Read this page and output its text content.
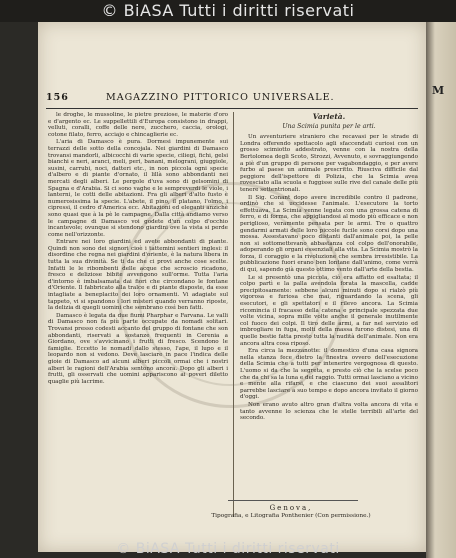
© BiASA Tutti i diritti riservati
156	MAGAZZINO PITTORICO UNIVERSALE.

le droghe, le mussoline, le pietre preziose, le materie d'oro e d'argento ec. Le suppellettili d'Europa consistono in drappi, velluti, coralli, coffe delle nere, zucchero, caccia, orologi, cotone filato, ferro, acciajo e chincaglierie ec.

L'aria di Damasco è pura. Dormesi impunemente sui terrazzi delle sotto della concojala. Nei giardini di Damasco trovansi mandorli, albicocchi di varie specie, ciliegi, fichi, gelsi bianchi e neri, aranci, meli, peri, banani, melograni, giuggiole, susini, carrubi, noci, datteri etc., in non piccola ogni specie d'albero e di piante d'ornato, il lillà sono abbondanti nei mercati degli alberi. Le pergole d'uva sono di gelsomini di Spagna e d'Arabia. Si ci sono vaghe e le sempreverdi le viole, i lanterni, le cotti delle abitazioni. Fra gli alberi d'alto fusto è numerosissima la specie. L'abete, il pino, il platano, l'olmo, i cipressi, il cedro d'America ecc. Abitazioni ed eleganti anzichè sono quasi que à la pè le campagne. Dalla città andiamo verso le campagne di Damasco voi godete d'un colpo d'occhio incantevole; ovunque si stendono giardini ove la vista si perde come nell'orizzonte.

Entrare nei loro giardini ed avete abbondanti di piante. Quindi non sono dei signori cioè i tattemini sentieri inglesi: il disordine che regna nei giardini d'oriente, è la natura libera in tutta la sua divinità. Se ti da che ci provi anche cose scelte. Infatti le le ribombenti delle acque che scroscio ricadono, fresco e deliziose bibite avvengono sull'orme. Tutta l'aria d'intorno è imbalsamata dai fiori che circondano le fontane d'Oriente. Il fabbricato alla tralce e di piante disposte, da esse intagliate a beneplacito dei loro ornamenti. Vi adagiate sul tappeto, vi si spandono i lori misteri quando verranno riposte, la delizia di quegli uomini che sembrano così ben fatti.

Damasco è legata da due fiumi Pharphar e Farvana. Le valli di Damasco non fa più parte occupate da nomadi solitari. Trovansi presso codesti accanto del gruppo di fontane che son abbondanti, riservati a sostanze frequenti in Cerenia a Giordano, ove s'avvicinano i frutti di fresco. Scendono le famiglie. Eccetto le nomadi dallo stesso, l'ape, il lupo e il leopardo non si vedono. Deve lasciare in pace l'indica delle gioie di Damasco ad alcuni alberi piccoli ormai che i nostri alberi le ragioni dell'Arabia sentono ancora. Dopo gli alberi i frutti, gli osservati che uomini appariscono ai poveri diletto quaglie più lacrime.

Varietà.
Una Scimia punita per le arti.

Un avventuriere straniero che recavasi per le strade di Londra offerendo spettacolo agli sfaccendati curiosi con un grosso scimiotto addestrato, venne con la nostra della Bertolomea degli Scoto, Strozzi, Avvenuto, e sovraggiungendo a piè d'un gruppo di persone per vagabondaggio, e per avere furbo al paese un animale prescritto. Riusciva difficile dal peggiore dell'ispettore di Polizia, che la Scimia avea rovesciato alla scuola e fuggisse sulle rive del canale delle più tenere settentrionali.

Il Sig. Conant dopo avere incredibile contro il padrone, ordinò che si uccidesse l'animale. L'esecutore la torto effettuava. La Scimia venne legata con una grossa catena di ferro, e di forma, che appigliandosi al modo più efficace e non periglioso, veramente pensata per le armi. Tre o quattro gendarmi armati delle loro piccole fucile sono corsi dopo una mossa. Assestavano poco distanti dall'animale poi, la pelle non si sottomettevano abbastanza col colpo dell'onorabile, adoperando gli organi essenziali alla vita. La Scimia mostrò la forza, il coraggio e la rivoluzione che sembra irresistibile. La pubblicazione fuori erano ben lontane dall'animo, come verrà di qui, sapendo già questo ottimo vento dall'arte della bestia.

Le si presentò una piccola, ciò era affatto ed esaltata; il colpo partì e la palla avendola forata la mascella, cadde precipitosamente: sebbene alcuni minuti dopo si rialzò più vigorosa e furiosa che mai, riguardando la scena, gli esecutori, e gli spettatori e il rilevo ancora. La Scimia ricomincia il fracasso della catena e principale spezzata due volte vicina, sopra mille volte anche il generale inutilmente col fuoco dei colpi. Il tiro delle armi, a far nel servizio ed imbrogliare in fuga, molti della massa furono distesi, una di quelle bestie fatta presto tutta la nudità dell'animale. Non era ancora altra cosa riposo.

Era circa la mezzanotte: il domestico d'una casa signora nella stanza fece dietro la finestra ovvero dell'esecuzione della Scimia che a tutti per intenerire vergognosa di questo. L'uomo si da che la segreta, e presto ciò che la scelse poco che da chi sa la luna e del raggio. Tutti ormai lasciano a vicino e mente alla rifarsi, e che ciascuno dei suoi assalitori parrebbe lasciare a suo tempo e dopo ancora invitato il giorno d'oggi.

Non erano avuto altro gran d'altra volta ancora di vita e tanto avvenne lo scienza che le stelle terribili all'arte del secondo.

Genova,
Tipografia, e Litografia Ponthenier (Con permissione.)
M
© BiASA Tutti i diritti riservati
